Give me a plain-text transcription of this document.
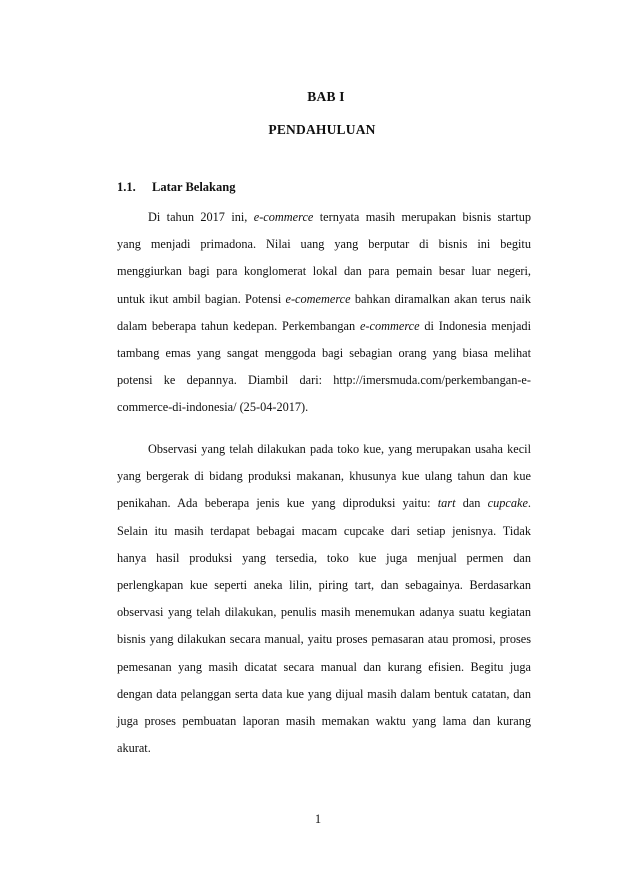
BAB I
PENDAHULUAN
1.1. Latar Belakang
Di tahun 2017 ini, e-commerce ternyata masih merupakan bisnis startup
yang menjadi primadona. Nilai uang yang berputar di bisnis ini begitu
menggiurkan bagi para konglomerat lokal dan para pemain besar luar negeri,
untuk ikut ambil bagian. Potensi e-comemerce bahkan diramalkan akan terus naik
dalam beberapa tahun kedepan. Perkembangan e-commerce di Indonesia menjadi
tambang emas yang sangat menggoda bagi sebagian orang yang biasa melihat
potensi ke depannya. Diambil dari: http://imersmuda.com/perkembangan-e-
commerce-di-indonesia/ (25-04-2017).
Observasi yang telah dilakukan pada toko kue, yang merupakan usaha kecil
yang bergerak di bidang produksi makanan, khusunya kue ulang tahun dan kue
penikahan. Ada beberapa jenis kue yang diproduksi yaitu: tart dan cupcake.
Selain itu masih terdapat bebagai macam cupcake dari setiap jenisnya. Tidak
hanya hasil produksi yang tersedia, toko kue juga menjual permen dan
perlengkapan kue seperti aneka lilin, piring tart, dan sebagainya. Berdasarkan
observasi yang telah dilakukan, penulis masih menemukan adanya suatu kegiatan
bisnis yang dilakukan secara manual, yaitu proses pemasaran atau promosi, proses
pemesanan yang masih dicatat secara manual dan kurang efisien. Begitu juga
dengan data pelanggan serta data kue yang dijual masih dalam bentuk catatan, dan
juga proses pembuatan laporan masih memakan waktu yang lama dan kurang
akurat.
1
